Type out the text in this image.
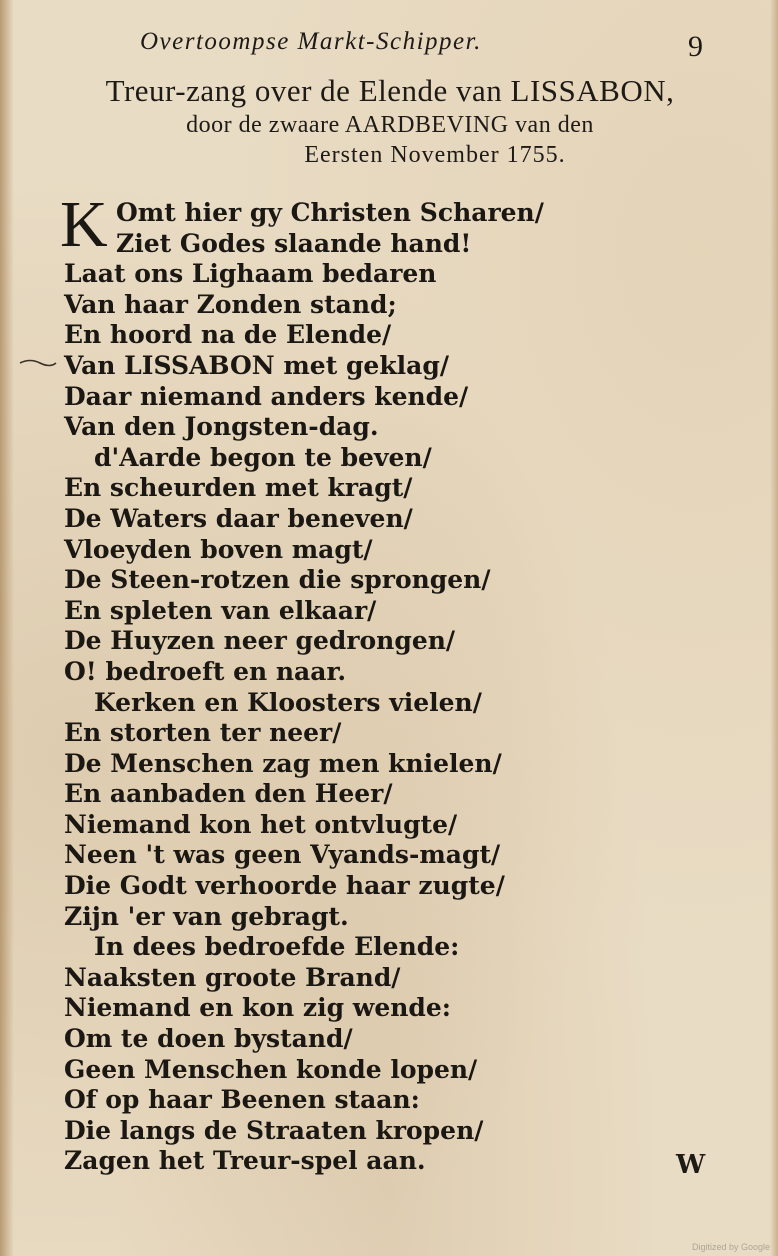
Overtoompse Markt-Schipper.	9
Treur-zang over de Elende van LISSABON,
door de zwaare AARDBEVING van den
Eersten November 1755.
K Omt hier gy Christen Scharen/
Ziet Godes slaande hand!
Laat ons Lighaam bedaren
Van haar Zonden stand;
En hoord na de Elende/
Van LISSABON met geklag/
Daar niemand anders kende/
Van den Jongsten-dag.
d'Aarde begon te beven/
En scheurden met kragt/
De Waters daar beneven/
Vloeyden boven magt/
De Steen-rotzen die sprongen/
En spleten van elkaar/
De Huyzen neer gedrongen/
O! bedroeft en naar.
Kerken en Kloosters vielen/
En storten ter neer/
De Menschen zag men knielen/
En aanbaden den Heer/
Niemand kon het ontvlugte/
Neen 't was geen Vyands-magt/
Die Godt verhoorde haar zugte/
Zijn 'er van gebragt.
In dees bedroefde Elende:
Naaksten groote Brand/
Niemand en kon zig wende:
Om te doen bystand/
Geen Menschen konde lopen/
Of op haar Beenen staan:
Die langs de Straaten kropen/
Zagen het Treur-spel aan.	W
Digitized by Google
